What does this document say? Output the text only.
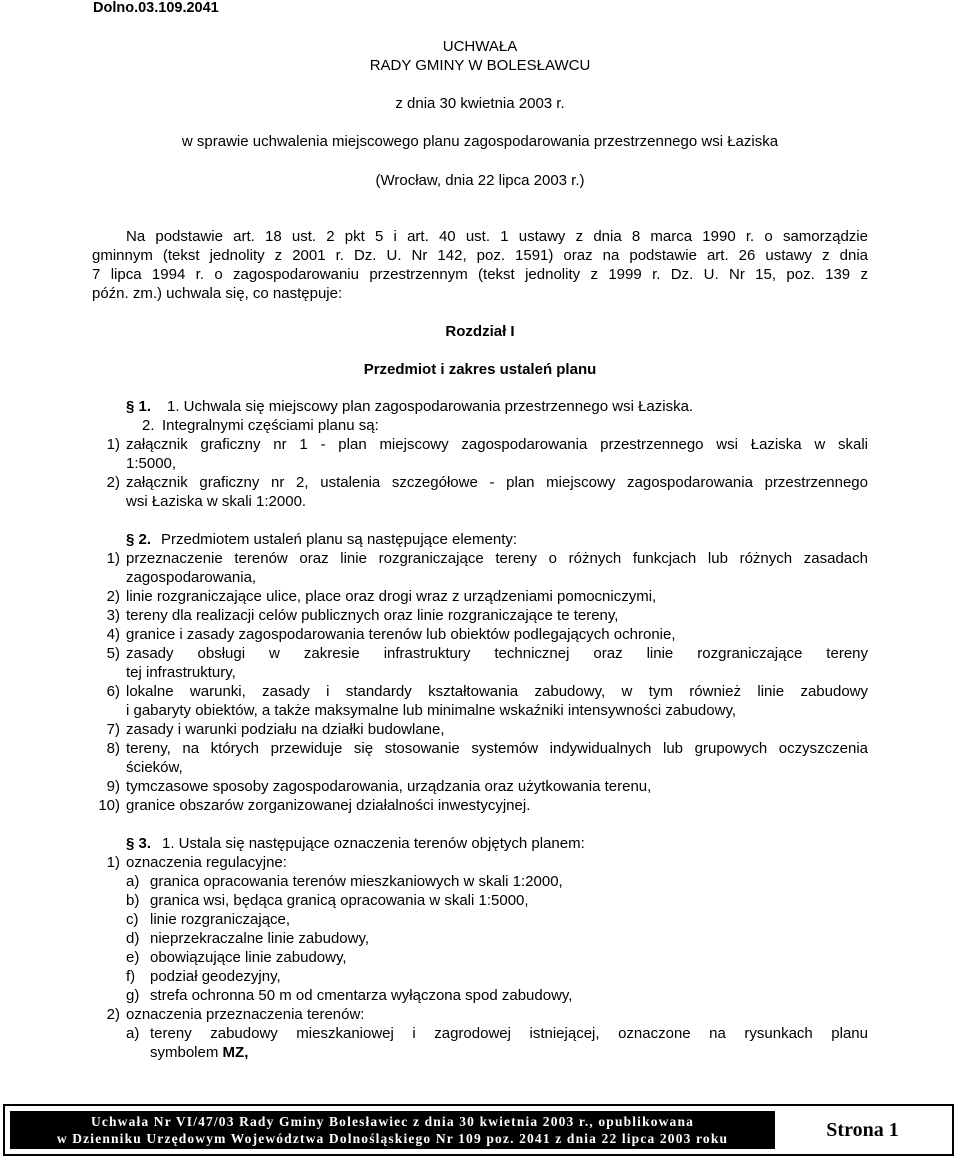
Dolno.03.109.2041
UCHWAŁA
RADY GMINY W BOLESŁAWCU
z dnia 30 kwietnia 2003 r.
w sprawie uchwalenia miejscowego planu zagospodarowania przestrzennego wsi Łaziska
(Wrocław, dnia 22 lipca 2003 r.)
Na podstawie art. 18 ust. 2 pkt 5 i art. 40 ust. 1 ustawy z dnia 8 marca 1990 r. o samorządzie
gminnym (tekst jednolity z 2001 r. Dz. U. Nr 142, poz. 1591) oraz na podstawie art. 26 ustawy z dnia
7 lipca 1994 r. o zagospodarowaniu przestrzennym (tekst jednolity z 1999 r. Dz. U. Nr 15, poz. 139 z
późn. zm.) uchwala się, co następuje:
Rozdział I
Przedmiot i zakres ustaleń planu
§ 1. 1. Uchwala się miejscowy plan zagospodarowania przestrzennego wsi Łaziska.
2. Integralnymi częściami planu są:
1) załącznik graficzny nr 1 - plan miejscowy zagospodarowania przestrzennego wsi Łaziska w skali
1:5000,
2) załącznik graficzny nr 2, ustalenia szczegółowe - plan miejscowy zagospodarowania przestrzennego
wsi Łaziska w skali 1:2000.
§ 2. Przedmiotem ustaleń planu są następujące elementy:
1) przeznaczenie terenów oraz linie rozgraniczające tereny o różnych funkcjach lub różnych zasadach
zagospodarowania,
2) linie rozgraniczające ulice, place oraz drogi wraz z urządzeniami pomocniczymi,
3) tereny dla realizacji celów publicznych oraz linie rozgraniczające te tereny,
4) granice i zasady zagospodarowania terenów lub obiektów podlegających ochronie,
5) zasady obsługi w zakresie infrastruktury technicznej oraz linie rozgraniczające tereny
tej infrastruktury,
6) lokalne warunki, zasady i standardy kształtowania zabudowy, w tym również linie zabudowy
i gabaryty obiektów, a także maksymalne lub minimalne wskaźniki intensywności zabudowy,
7) zasady i warunki podziału na działki budowlane,
8) tereny, na których przewiduje się stosowanie systemów indywidualnych lub grupowych oczyszczenia
ścieków,
9) tymczasowe sposoby zagospodarowania, urządzania oraz użytkowania terenu,
10) granice obszarów zorganizowanej działalności inwestycyjnej.
§ 3. 1. Ustala się następujące oznaczenia terenów objętych planem:
1) oznaczenia regulacyjne:
a) granica opracowania terenów mieszkaniowych w skali 1:2000,
b) granica wsi, będąca granicą opracowania w skali 1:5000,
c) linie rozgraniczające,
d) nieprzekraczalne linie zabudowy,
e) obowiązujące linie zabudowy,
f) podział geodezyjny,
g) strefa ochronna 50 m od cmentarza wyłączona spod zabudowy,
2) oznaczenia przeznaczenia terenów:
a) tereny zabudowy mieszkaniowej i zagrodowej istniejącej, oznaczone na rysunkach planu
symbolem MZ,
Uchwała Nr VI/47/03 Rady Gminy Bolesławiec z dnia 30 kwietnia 2003 r., opublikowana
w Dzienniku Urzędowym Województwa Dolnośląskiego Nr 109 poz. 2041 z dnia 22 lipca 2003 roku	Strona 1
